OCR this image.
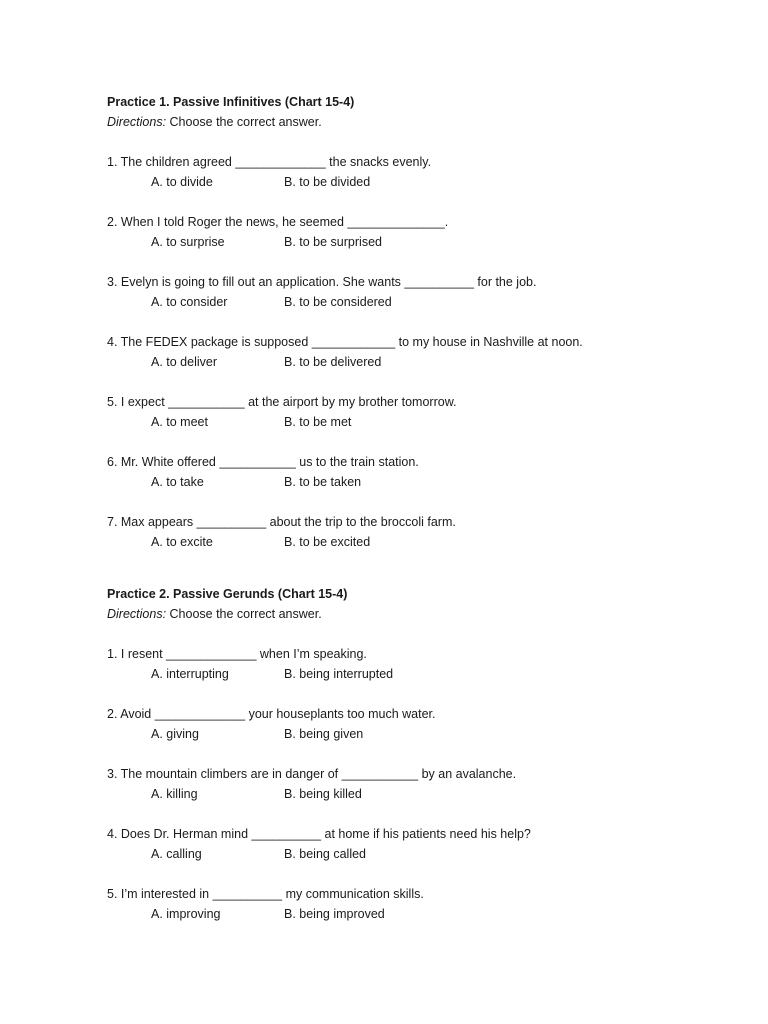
Practice 1. Passive Infinitives (Chart 15-4)
Directions: Choose the correct answer.
1. The children agreed _____________ the snacks evenly.
A. to divide	B. to be divided
2. When I told Roger the news, he seemed ______________.
A. to surprise	B. to be surprised
3. Evelyn is going to fill out an application. She wants __________ for the job.
A. to consider	B. to be considered
4. The FEDEX package is supposed ____________ to my house in Nashville at noon.
A. to deliver	B. to be delivered
5. I expect ___________ at the airport by my brother tomorrow.
A. to meet	B. to be met
6. Mr. White offered ___________ us to the train station.
A. to take	B. to be taken
7. Max appears __________ about the trip to the broccoli farm.
A. to excite	B. to be excited
Practice 2. Passive Gerunds (Chart 15-4)
Directions: Choose the correct answer.
1. I resent _____________ when I’m speaking.
A. interrupting	B. being interrupted
2. Avoid _____________ your houseplants too much water.
A. giving	B. being given
3. The mountain climbers are in danger of ___________ by an avalanche.
A. killing	B. being killed
4. Does Dr. Herman mind __________ at home if his patients need his help?
A. calling	B. being called
5. I’m interested in __________ my communication skills.
A. improving	B. being improved
